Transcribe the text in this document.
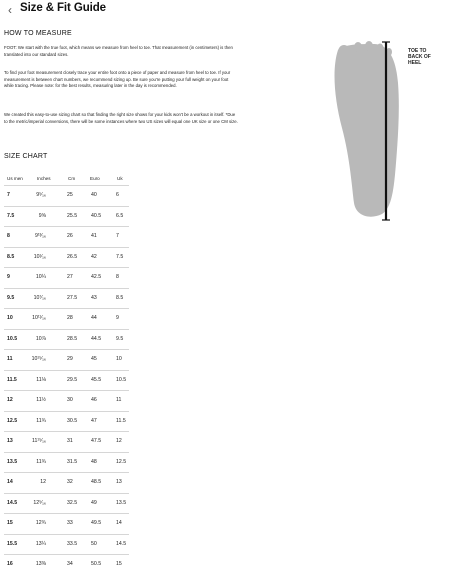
‹ Size & Fit Guide
HOW TO MEASURE
FOOT: We start with the true foot, which means we measure from heel to toe. That measurement (in centimeters) is then translated into our standard sizes.
To find your foot measurement closely trace your entire foot onto a piece of paper and measure from heel to toe. If your measurement is between chart numbers, we recommend sizing up. Be sure you're putting your full weight on your foot while tracing. Please note: for the best results, measuring later in the day is recommended.
We created this easy-to-use sizing chart so that finding the right size shows for your kids won't be a workout in itself. *Due to the metric/imperial conversions, there will be some instances where two US sizes will equal one UK size or one CM size.
TOE TO BACK OF HEEL
SIZE CHART
Us men	Inches	Cm	Euro	Uk
7	9⁵⁄₁₆	25	40	6
7.5	9⅝	25.5	40.5	6.5
8	9¹³⁄₁₆	26	41	7
8.5	10¹⁄₁₆	26.5	42	7.5
9	10¼	27	42.5	8
9.5	10⁷⁄₁₆	27.5	43	8.5
10	10¹¹⁄₁₆	28	44	9
10.5	10⅞	28.5	44.5	9.5
11	10¹⁵⁄₁₆	29	45	10
11.5	11⅛	29.5	45.5	10.5
12	11½	30	46	11
12.5	11¾	30.5	47	11.5
13	11¹⁵⁄₁₆	31	47.5	12
13.5	11¾	31.5	48	12.5
14	12	32	48.5	13
14.5	12⁵⁄₁₆	32.5	49	13.5
15	12¾	33	49.5	14
15.5	13¼	33.5	50	14.5
16	13⅜	34	50.5	15
